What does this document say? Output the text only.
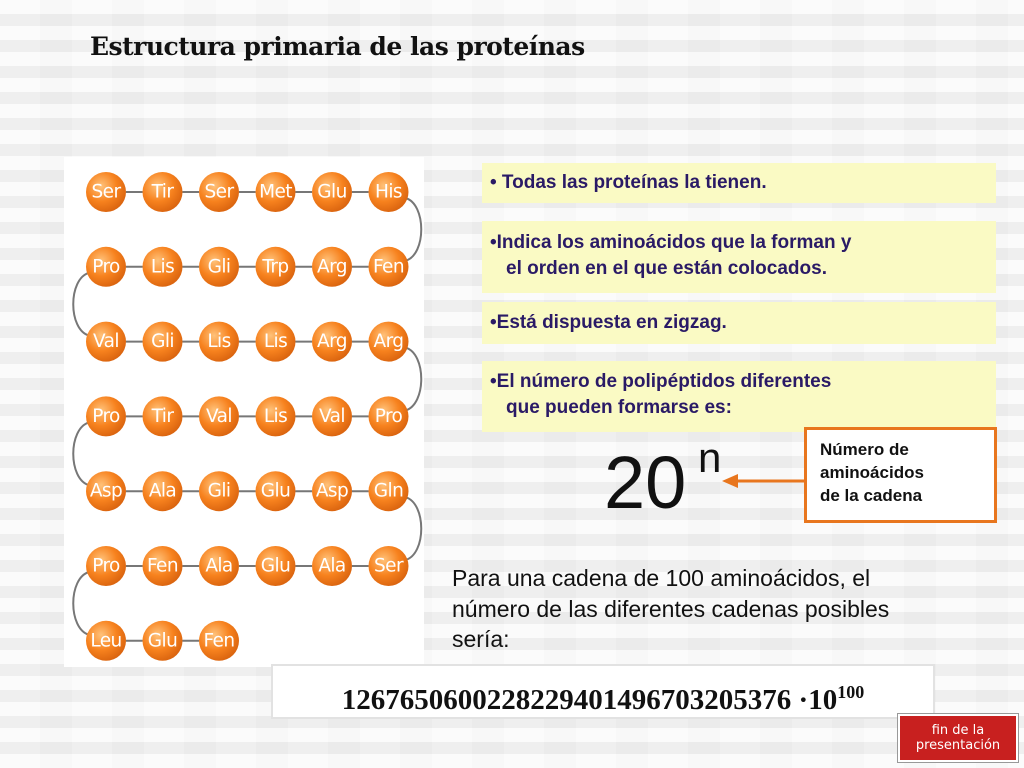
Estructura primaria de las proteínas
Ser Tir Ser Met Glu His
Pro Lis Gli Trp Arg Fen
Val Gli Lis Lis Arg Arg
Pro Tir Val Lis Val Pro
Asp Ala Gli Glu Asp Gln
Pro Fen Ala Glu Ala Ser
Leu Glu Fen
• Todas las proteínas la tienen.
•Indica los aminoácidos que la forman y
el orden en el que están colocados.
•Está dispuesta en zigzag.
•El número de polipéptidos diferentes
que pueden formarse es:
20 n	Número de
aminoácidos
de la cadena
Para una cadena de 100 aminoácidos, el
número de las diferentes cadenas posibles
sería:
$1267650600228229401496703205376 \cdot 10^{100}$
fin de la
presentación
